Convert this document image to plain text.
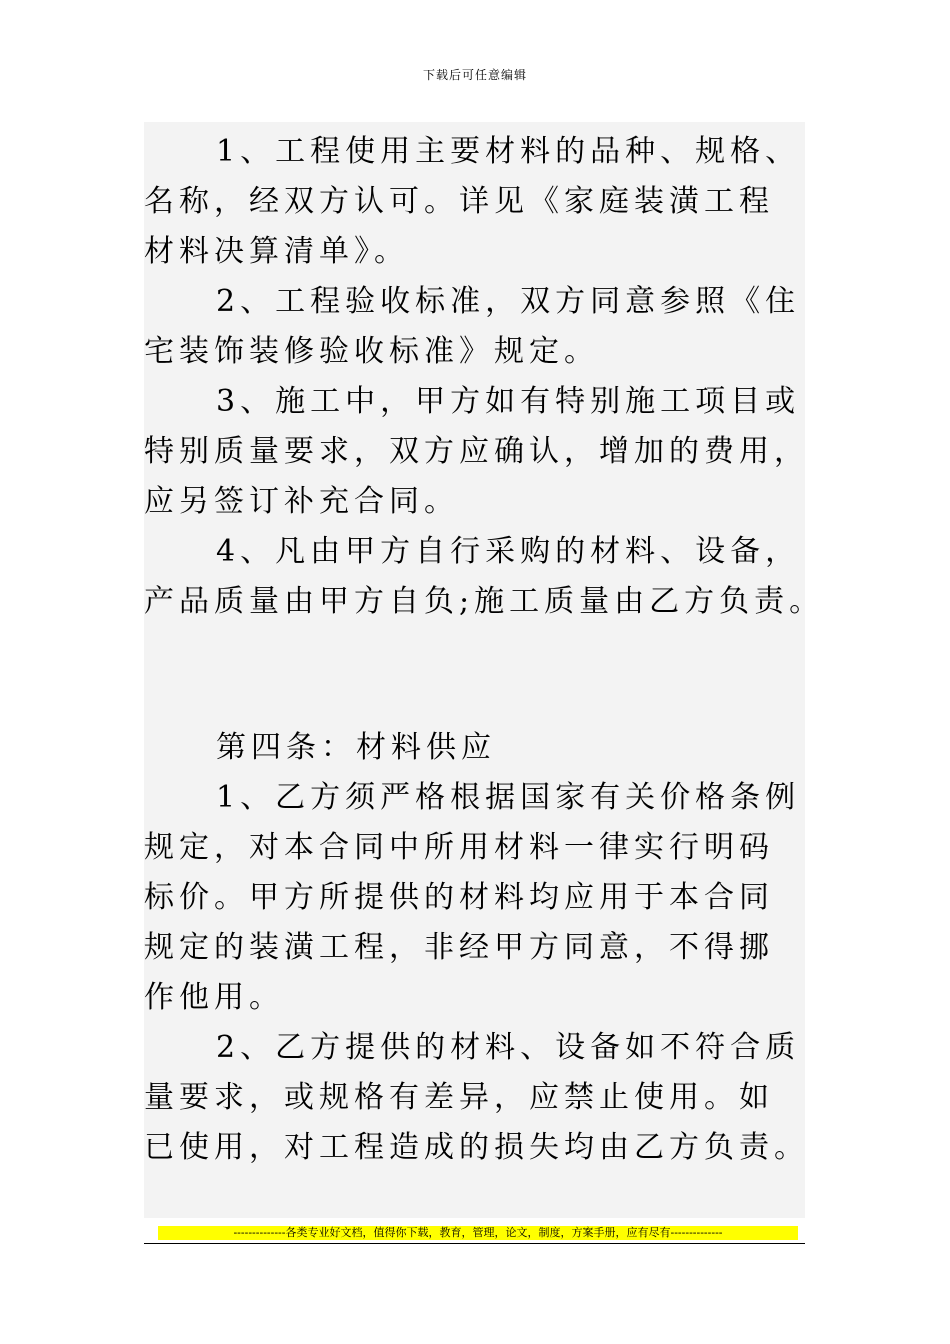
下载后可任意编辑
1、工程使用主要材料的品种、规格、
名称，经双方认可。详见《家庭装潢工程
材料决算清单》。
2、工程验收标准，双方同意参照《住
宅装饰装修验收标准》规定。
3、施工中，甲方如有特别施工项目或
特别质量要求，双方应确认，增加的费用，
应另签订补充合同。
4、凡由甲方自行采购的材料、设备，
产品质量由甲方自负;施工质量由乙方负责。
第四条：材料供应
1、乙方须严格根据国家有关价格条例
规定，对本合同中所用材料一律实行明码
标价。甲方所提供的材料均应用于本合同
规定的装潢工程，非经甲方同意，不得挪
作他用。
2、乙方提供的材料、设备如不符合质
量要求，或规格有差异，应禁止使用。如
已使用，对工程造成的损失均由乙方负责。
--------------各类专业好文档，值得你下载，教育，管理，论文，制度，方案手册，应有尽有--------------
